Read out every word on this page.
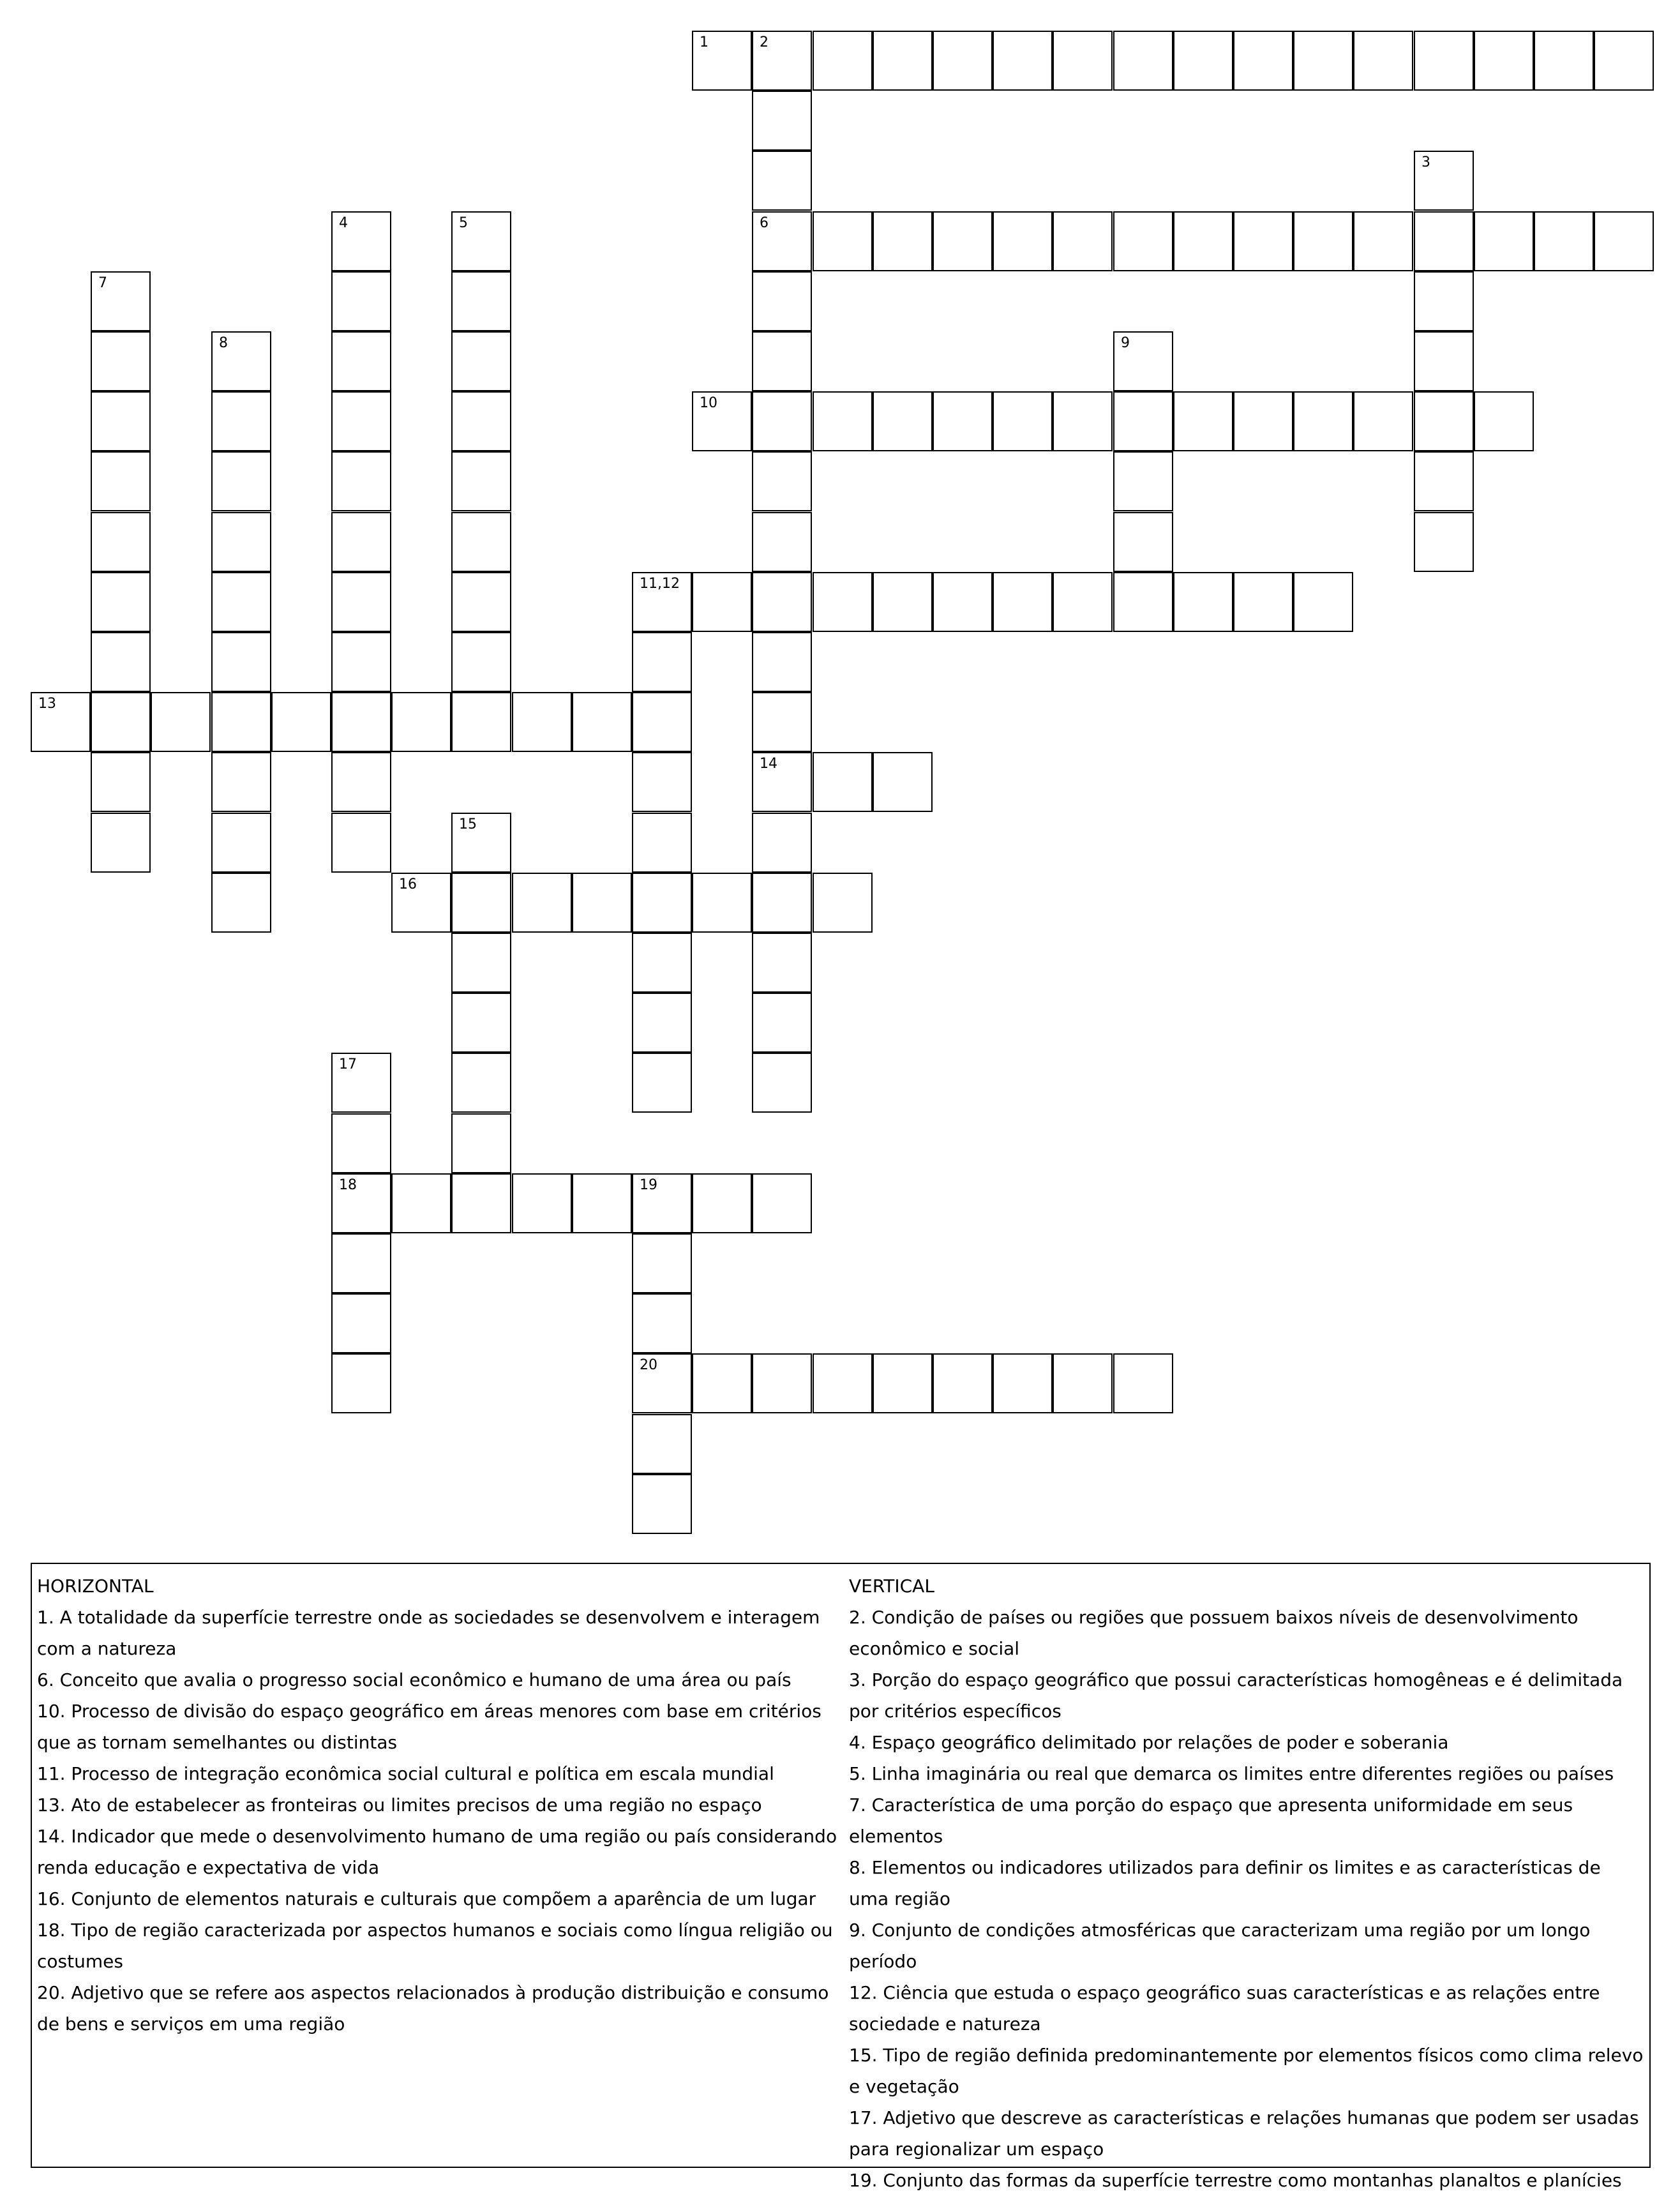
1	2
6
14
3
4	5
7
8	9
10
11,12
13
15
16
17
18	19
20
HORIZONTAL
1. A totalidade da superfície terrestre onde as sociedades se desenvolvem e interagem com a natureza
6. Conceito que avalia o progresso social econômico e humano de uma área ou país
10. Processo de divisão do espaço geográfico em áreas menores com base em critérios que as tornam semelhantes ou distintas
11. Processo de integração econômica social cultural e política em escala mundial
13. Ato de estabelecer as fronteiras ou limites precisos de uma região no espaço
14. Indicador que mede o desenvolvimento humano de uma região ou país considerando renda educação e expectativa de vida
16. Conjunto de elementos naturais e culturais que compõem a aparência de um lugar
18. Tipo de região caracterizada por aspectos humanos e sociais como língua religião ou costumes
20. Adjetivo que se refere aos aspectos relacionados à produção distribuição e consumo de bens e serviços em uma região
VERTICAL
2. Condição de países ou regiões que possuem baixos níveis de desenvolvimento econômico e social
3. Porção do espaço geográfico que possui características homogêneas e é delimitada por critérios específicos
4. Espaço geográfico delimitado por relações de poder e soberania
5. Linha imaginária ou real que demarca os limites entre diferentes regiões ou países
7. Característica de uma porção do espaço que apresenta uniformidade em seus elementos
8. Elementos ou indicadores utilizados para definir os limites e as características de uma região
9. Conjunto de condições atmosféricas que caracterizam uma região por um longo período
12. Ciência que estuda o espaço geográfico suas características e as relações entre sociedade e natureza
15. Tipo de região definida predominantemente por elementos físicos como clima relevo e vegetação
17. Adjetivo que descreve as características e relações humanas que podem ser usadas para regionalizar um espaço
19. Conjunto das formas da superfície terrestre como montanhas planaltos e planícies
